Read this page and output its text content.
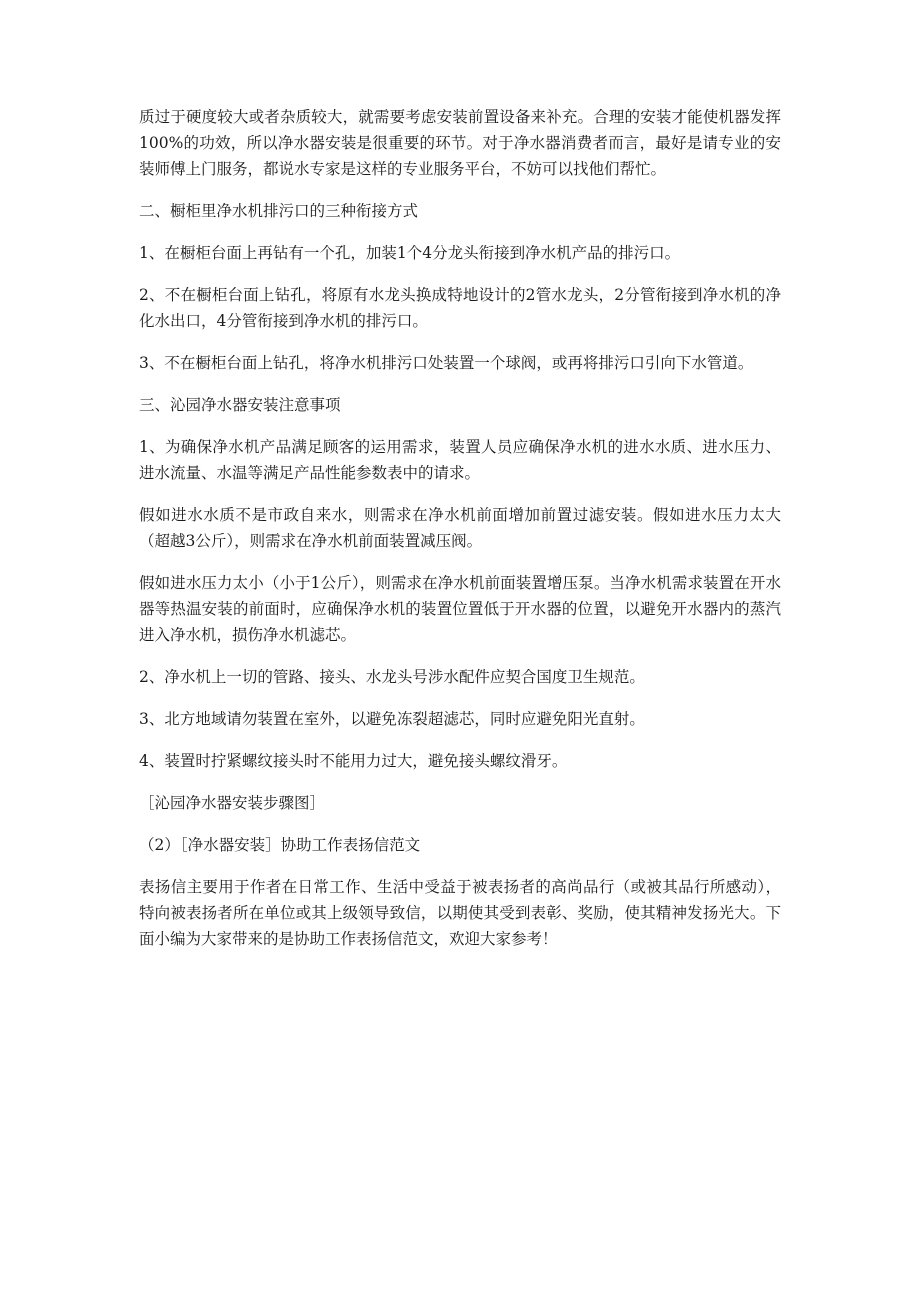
质过于硬度较大或者杂质较大，就需要考虑安装前置设备来补充。合理的安装才能使机器发挥100%的功效，所以净水器安装是很重要的环节。对于净水器消费者而言，最好是请专业的安装师傅上门服务，都说水专家是这样的专业服务平台，不妨可以找他们帮忙。

二、橱柜里净水机排污口的三种衔接方式

1、在橱柜台面上再钻有一个孔，加装1个4分龙头衔接到净水机产品的排污口。

2、不在橱柜台面上钻孔，将原有水龙头换成特地设计的2管水龙头，2分管衔接到净水机的净化水出口，4分管衔接到净水机的排污口。

3、不在橱柜台面上钻孔，将净水机排污口处装置一个球阀，或再将排污口引向下水管道。

三、沁园净水器安装注意事项

1、为确保净水机产品满足顾客的运用需求，装置人员应确保净水机的进水水质、进水压力、进水流量、水温等满足产品性能参数表中的请求。

假如进水水质不是市政自来水，则需求在净水机前面增加前置过滤安装。假如进水压力太大（超越3公斤），则需求在净水机前面装置减压阀。

假如进水压力太小（小于1公斤），则需求在净水机前面装置增压泵。当净水机需求装置在开水器等热温安装的前面时，应确保净水机的装置位置低于开水器的位置，以避免开水器内的蒸汽进入净水机，损伤净水机滤芯。

2、净水机上一切的管路、接头、水龙头号涉水配件应契合国度卫生规范。

3、北方地域请勿装置在室外，以避免冻裂超滤芯，同时应避免阳光直射。

4、装置时拧紧螺纹接头时不能用力过大，避免接头螺纹滑牙。

［沁园净水器安装步骤图］

（2）［净水器安装］协助工作表扬信范文

表扬信主要用于作者在日常工作、生活中受益于被表扬者的高尚品行（或被其品行所感动），特向被表扬者所在单位或其上级领导致信，以期使其受到表彰、奖励，使其精神发扬光大。下面小编为大家带来的是协助工作表扬信范文，欢迎大家参考！
